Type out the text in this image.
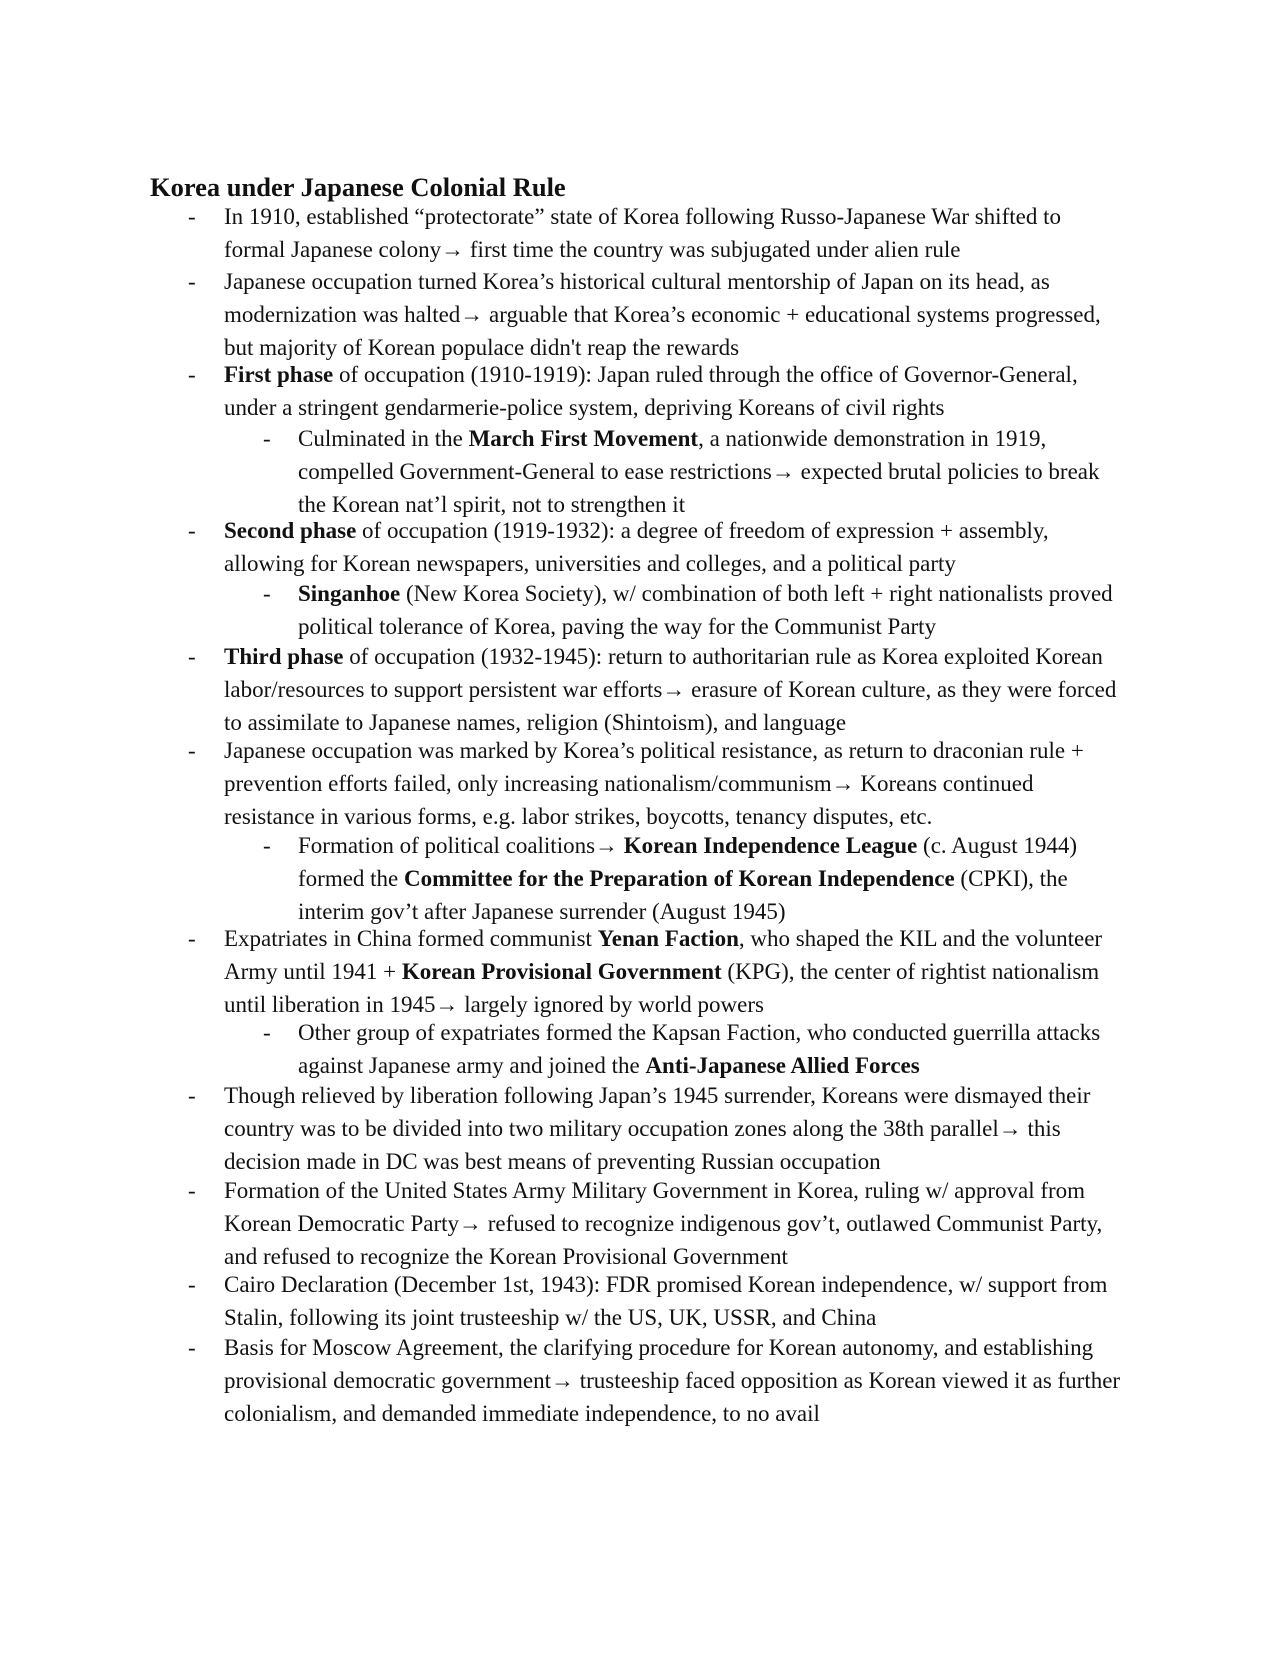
Korea under Japanese Colonial Rule
- In 1910, established “protectorate” state of Korea following Russo-Japanese War shifted to formal Japanese colony→ first time the country was subjugated under alien rule
- Japanese occupation turned Korea’s historical cultural mentorship of Japan on its head, as modernization was halted→ arguable that Korea’s economic + educational systems progressed, but majority of Korean populace didn't reap the rewards
- First phase of occupation (1910-1919): Japan ruled through the office of Governor-General, under a stringent gendarmerie-police system, depriving Koreans of civil rights
- Culminated in the March First Movement, a nationwide demonstration in 1919, compelled Government-General to ease restrictions→ expected brutal policies to break the Korean nat’l spirit, not to strengthen it
- Second phase of occupation (1919-1932): a degree of freedom of expression + assembly, allowing for Korean newspapers, universities and colleges, and a political party
- Singanhoe (New Korea Society), w/ combination of both left + right nationalists proved political tolerance of Korea, paving the way for the Communist Party
- Third phase of occupation (1932-1945): return to authoritarian rule as Korea exploited Korean labor/resources to support persistent war efforts→ erasure of Korean culture, as they were forced to assimilate to Japanese names, religion (Shintoism), and language
- Japanese occupation was marked by Korea’s political resistance, as return to draconian rule + prevention efforts failed, only increasing nationalism/communism→ Koreans continued resistance in various forms, e.g. labor strikes, boycotts, tenancy disputes, etc.
- Formation of political coalitions→ Korean Independence League (c. August 1944) formed the Committee for the Preparation of Korean Independence (CPKI), the interim gov’t after Japanese surrender (August 1945)
- Expatriates in China formed communist Yenan Faction, who shaped the KIL and the volunteer Army until 1941 + Korean Provisional Government (KPG), the center of rightist nationalism until liberation in 1945→ largely ignored by world powers
- Other group of expatriates formed the Kapsan Faction, who conducted guerrilla attacks against Japanese army and joined the Anti-Japanese Allied Forces
- Though relieved by liberation following Japan’s 1945 surrender, Koreans were dismayed their country was to be divided into two military occupation zones along the 38th parallel→ this decision made in DC was best means of preventing Russian occupation
- Formation of the United States Army Military Government in Korea, ruling w/ approval from Korean Democratic Party→ refused to recognize indigenous gov’t, outlawed Communist Party, and refused to recognize the Korean Provisional Government
- Cairo Declaration (December 1st, 1943): FDR promised Korean independence, w/ support from Stalin, following its joint trusteeship w/ the US, UK, USSR, and China
- Basis for Moscow Agreement, the clarifying procedure for Korean autonomy, and establishing provisional democratic government→ trusteeship faced opposition as Korean viewed it as further colonialism, and demanded immediate independence, to no avail
